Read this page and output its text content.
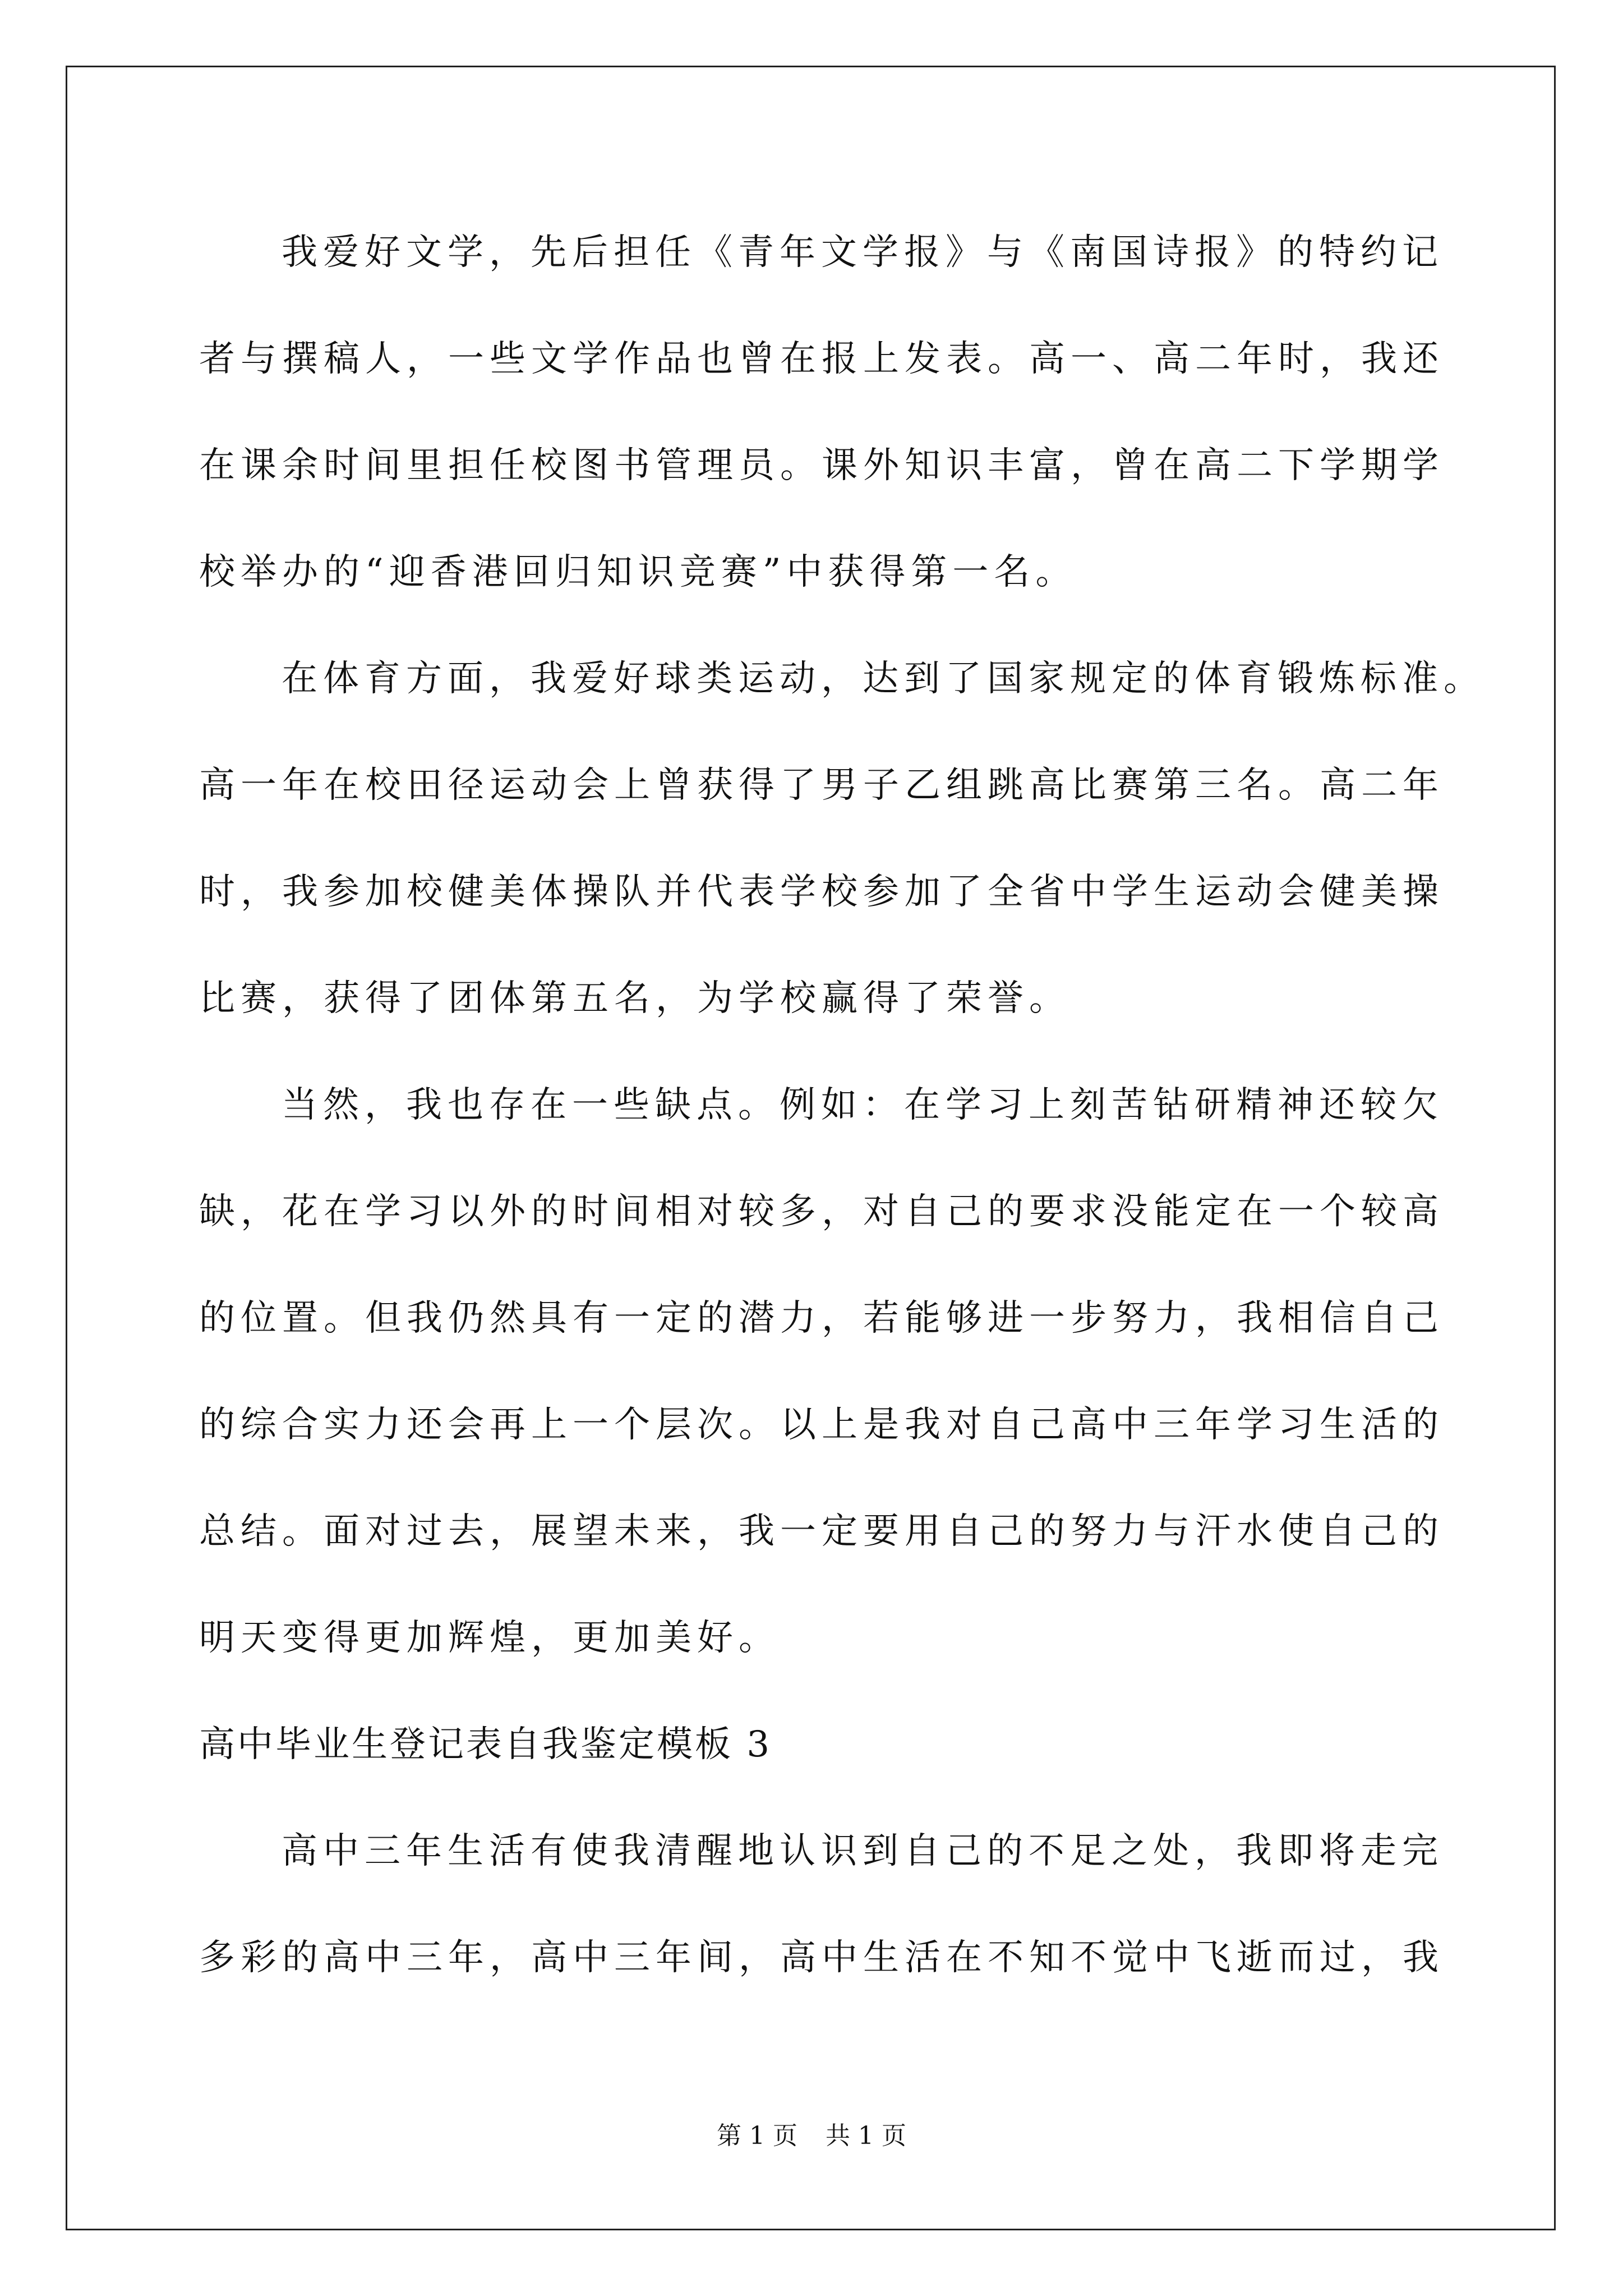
我爱好文学，先后担任《青年文学报》与《南国诗报》的特约记
者与撰稿人，一些文学作品也曾在报上发表。高一、高二年时，我还
在课余时间里担任校图书管理员。课外知识丰富，曾在高二下学期学
校举办的“迎香港回归知识竞赛”中获得第一名。
在体育方面，我爱好球类运动，达到了国家规定的体育锻炼标准。
高一年在校田径运动会上曾获得了男子乙组跳高比赛第三名。高二年
时，我参加校健美体操队并代表学校参加了全省中学生运动会健美操
比赛，获得了团体第五名，为学校赢得了荣誉。
当然，我也存在一些缺点。例如：在学习上刻苦钻研精神还较欠
缺，花在学习以外的时间相对较多，对自己的要求没能定在一个较高
的位置。但我仍然具有一定的潜力，若能够进一步努力，我相信自己
的综合实力还会再上一个层次。以上是我对自己高中三年学习生活的
总结。面对过去，展望未来，我一定要用自己的努力与汗水使自己的
明天变得更加辉煌，更加美好。
高中毕业生登记表自我鉴定模板 3
高中三年生活有使我清醒地认识到自己的不足之处，我即将走完
多彩的高中三年，高中三年间，高中生活在不知不觉中飞逝而过，我
第 1 页 共 1 页
